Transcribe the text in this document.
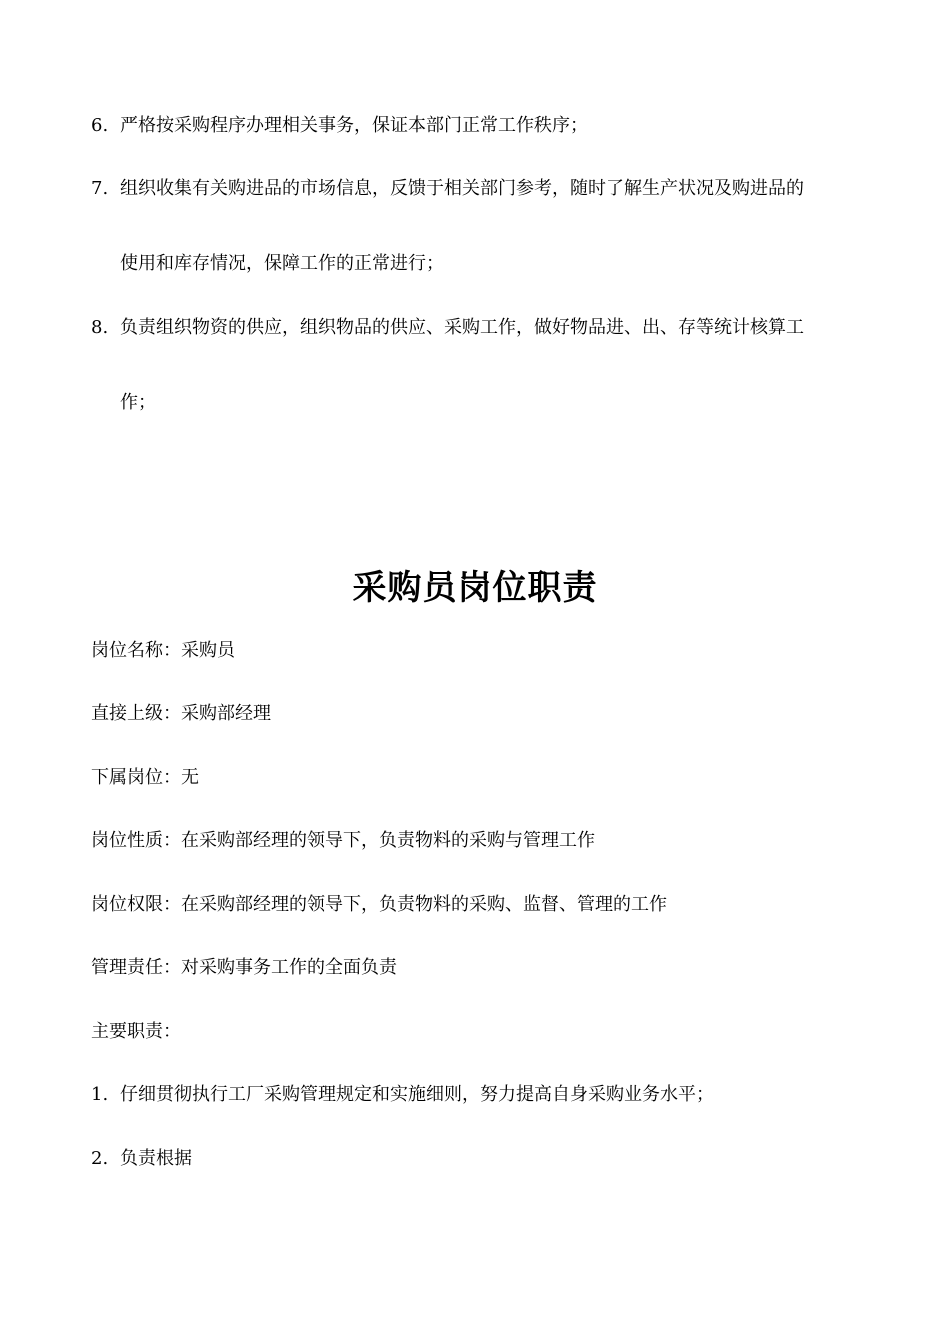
6. 严格按采购程序办理相关事务，保证本部门正常工作秩序；
7. 组织收集有关购进品的市场信息，反馈于相关部门参考，随时了解生产状况及购进品的
使用和库存情况，保障工作的正常进行；
8. 负责组织物资的供应，组织物品的供应、采购工作，做好物品进、出、存等统计核算工
作；
采购员岗位职责
岗位名称：采购员
直接上级：采购部经理
下属岗位：无
岗位性质：在采购部经理的领导下，负责物料的采购与管理工作
岗位权限：在采购部经理的领导下，负责物料的采购、监督、管理的工作
管理责任：对采购事务工作的全面负责
主要职责：
1. 仔细贯彻执行工厂采购管理规定和实施细则，努力提高自身采购业务水平；
2. 负责根据
